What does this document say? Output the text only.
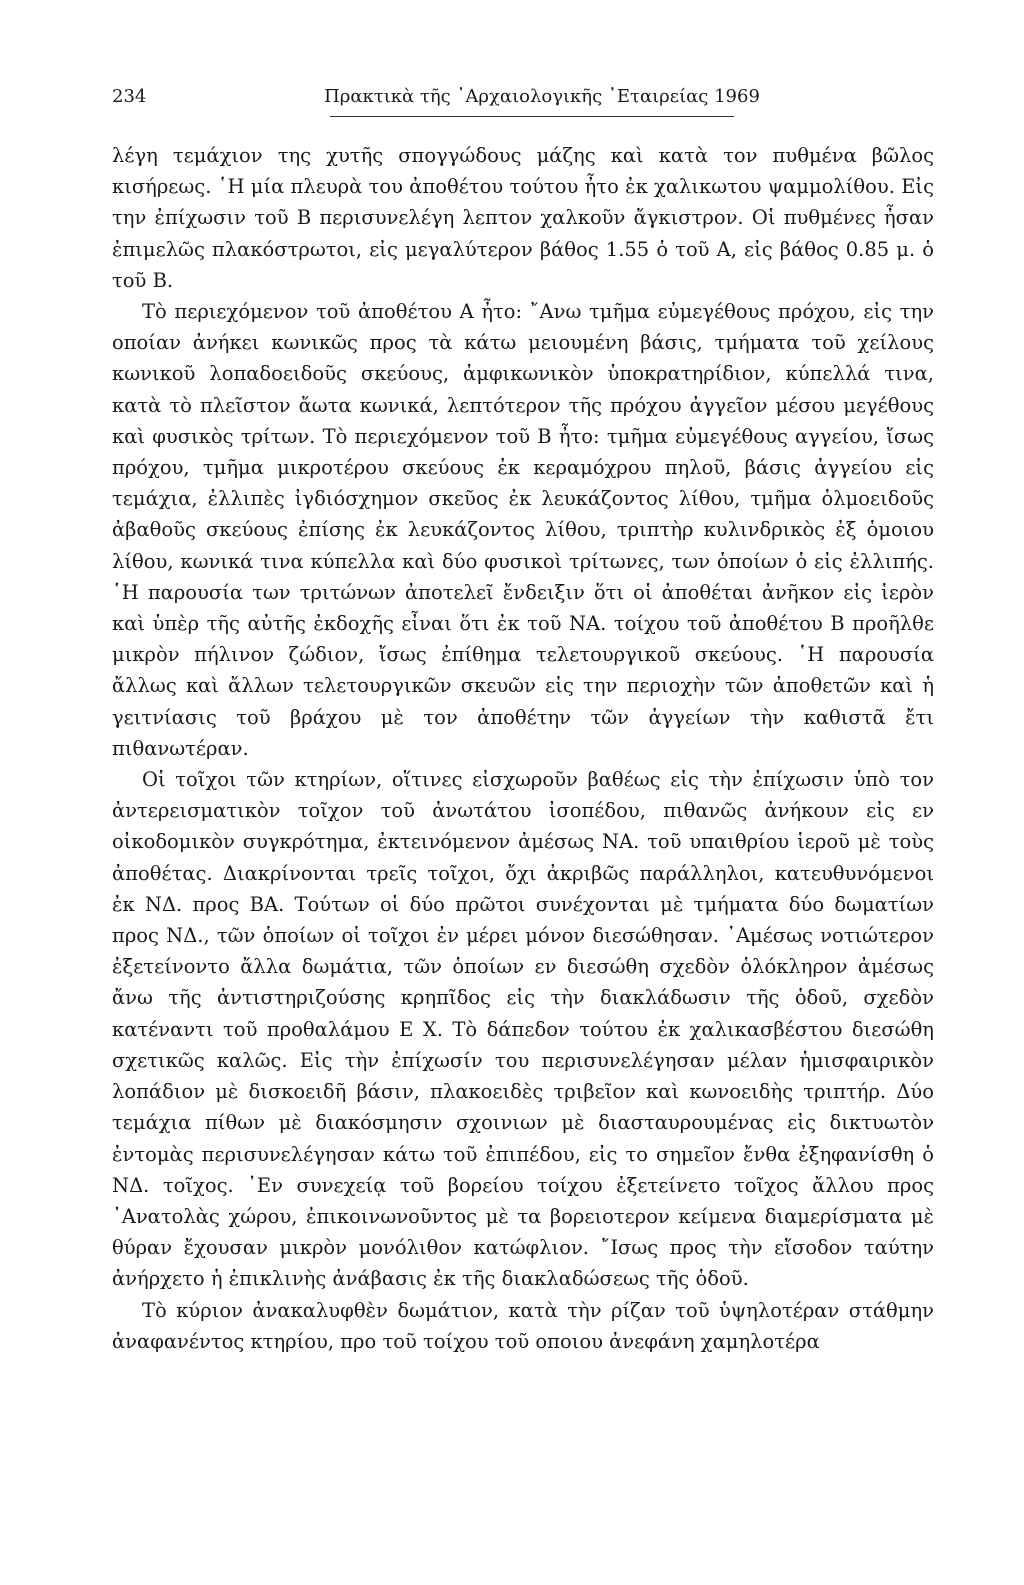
234	Πρακτικὰ τῆς ᾿Αρχαιολογικῆς ῾Εταιρείας 1969

λέγη τεμάχιον της χυτῆς σπογγώδους μάζης καὶ κατὰ τον πυθμένα βῶλος κισήρεως. ῾Η μία πλευρὰ του ἀποθέτου τούτου ἦτο ἐκ χαλικωτου ψαμμολίθου. Εἰς την ἐπίχωσιν τοῦ Β περισυνελέγη λεπτον χαλκοῦν ἄγκιστρον. Οἱ πυθμένες ἦσαν ἐπιμελῶς πλακόστρωτοι, εἰς μεγαλύτερον βάθος 1.55 ὁ τοῦ Α, εἰς βάθος 0.85 μ. ὁ τοῦ Β.

Τὸ περιεχόμενον τοῦ ἀποθέτου Α ἦτο: ῎Ανω τμῆμα εὐμεγέθους πρόχου, εἰς την οποίαν ἀνήκει κωνικῶς προς τὰ κάτω μειουμένη βάσις, τμήματα τοῦ χείλους κωνικοῦ λοπαδοειδοῦς σκεύους, ἀμφικωνικὸν ὑποκρατηρίδιον, κύπελλά τινα, κατὰ τὸ πλεῖστον ἄωτα κωνικά, λεπτότερον τῆς πρόχου ἀγγεῖον μέσου μεγέθους καὶ φυσικὸς τρίτων. Τὸ περιεχόμενον τοῦ Β ἦτο: τμῆμα εὐμεγέθους αγγείου, ἴσως πρόχου, τμῆμα μικροτέρου σκεύους ἐκ κεραμόχρου πηλοῦ, βάσις ἀγγείου εἰς τεμάχια, ἐλλιπὲς ἰγδιόσχημον σκεῦος ἐκ λευκάζοντος λίθου, τμῆμα ὁλμοειδοῦς ἀβαθοῦς σκεύους ἐπίσης ἐκ λευκάζοντος λίθου, τριπτὴρ κυλινδρικὸς ἐξ ὁμοιου λίθου, κωνικά τινα κύπελλα καὶ δύο φυσικοὶ τρίτωνες, των ὁποίων ὁ εἰς ἐλλιπής. ῾Η παρουσία των τριτώνων ἀποτελεῖ ἔνδειξιν ὅτι οἱ ἀποθέται ἀνῆκον εἰς ἱερὸν καὶ ὑπὲρ τῆς αὐτῆς ἐκδοχῆς εἶναι ὅτι ἐκ τοῦ ΝΑ. τοίχου τοῦ ἀποθέτου Β προῆλθε μικρὸν πήλινον ζώδιον, ἴσως ἐπίθημα τελετουργικοῦ σκεύους. ῾Η παρουσία ἄλλως καὶ ἄλλων τελετουργικῶν σκευῶν εἰς την περιοχὴν τῶν ἀποθετῶν καὶ ἡ γειτνίασις τοῦ βράχου μὲ τον ἀποθέτην τῶν ἀγγείων τὴν καθιστᾶ ἔτι πιθανωτέραν.

Οἱ τοῖχοι τῶν κτηρίων, οἵτινες εἰσχωροῦν βαθέως εἰς τὴν ἐπίχωσιν ὑπὸ τον ἀντερεισματικὸν τοῖχον τοῦ ἀνωτάτου ἰσοπέδου, πιθανῶς ἀνήκουν εἰς εν οἰκοδομικὸν συγκρότημα, ἐκτεινόμενον ἀμέσως ΝΑ. τοῦ υπαιθρίου ἱεροῦ μὲ τοὺς ἀποθέτας. Διακρίνονται τρεῖς τοῖχοι, ὄχι ἀκριβῶς παράλληλοι, κατευθυνόμενοι ἐκ ΝΔ. προς ΒΑ. Τούτων οἱ δύο πρῶτοι συνέχονται μὲ τμήματα δύο δωματίων προς ΝΔ., τῶν ὁποίων οἱ τοῖχοι ἐν μέρει μόνον διεσώθησαν. ᾿Αμέσως νοτιώτερον ἐξετείνοντο ἄλλα δωμάτια, τῶν ὁποίων εν διεσώθη σχεδὸν ὁλόκληρον ἀμέσως ἄνω τῆς ἀντιστηριζούσης κρηπῖδος εἰς τὴν διακλάδωσιν τῆς ὁδοῦ, σχεδὸν κατέναντι τοῦ προθαλάμου Ε Χ. Τὸ δάπεδον τούτου ἐκ χαλικασβέστου διεσώθη σχετικῶς καλῶς. Εἰς τὴν ἐπίχωσίν του περισυνελέγησαν μέλαν ἡμισφαιρικὸν λοπάδιον μὲ δισκοειδῆ βάσιν, πλακοειδὲς τριβεῖον καὶ κωνοειδὴς τριπτήρ. Δύο τεμάχια πίθων μὲ διακόσμησιν σχοινιων μὲ διασταυρουμένας εἰς δικτυωτὸν ἐντομὰς περισυνελέγησαν κάτω τοῦ ἐπιπέδου, εἰς το σημεῖον ἔνθα ἐξηφανίσθη ὁ ΝΔ. τοῖχος. ᾿Εν συνεχείᾳ τοῦ βορείου τοίχου ἐξετείνετο τοῖχος ἄλλου προς ᾿Ανατολὰς χώρου, ἐπικοινωνοῦντος μὲ τα βορειοτερον κείμενα διαμερίσματα μὲ θύραν ἔχουσαν μικρὸν μονόλιθον κατώφλιον. ῎Ισως προς τὴν εἴσοδον ταύτην ἀνήρχετο ἡ ἐπικλινὴς ἀνάβασις ἐκ τῆς διακλαδώσεως τῆς ὁδοῦ.

Τὸ κύριον ἀνακαλυφθὲν δωμάτιον, κατὰ τὴν ρίζαν τοῦ ὑψηλοτέραν στάθμην ἀναφανέντος κτηρίου, προ τοῦ τοίχου τοῦ οποιου ἀνεφάνη χαμηλοτέρα
